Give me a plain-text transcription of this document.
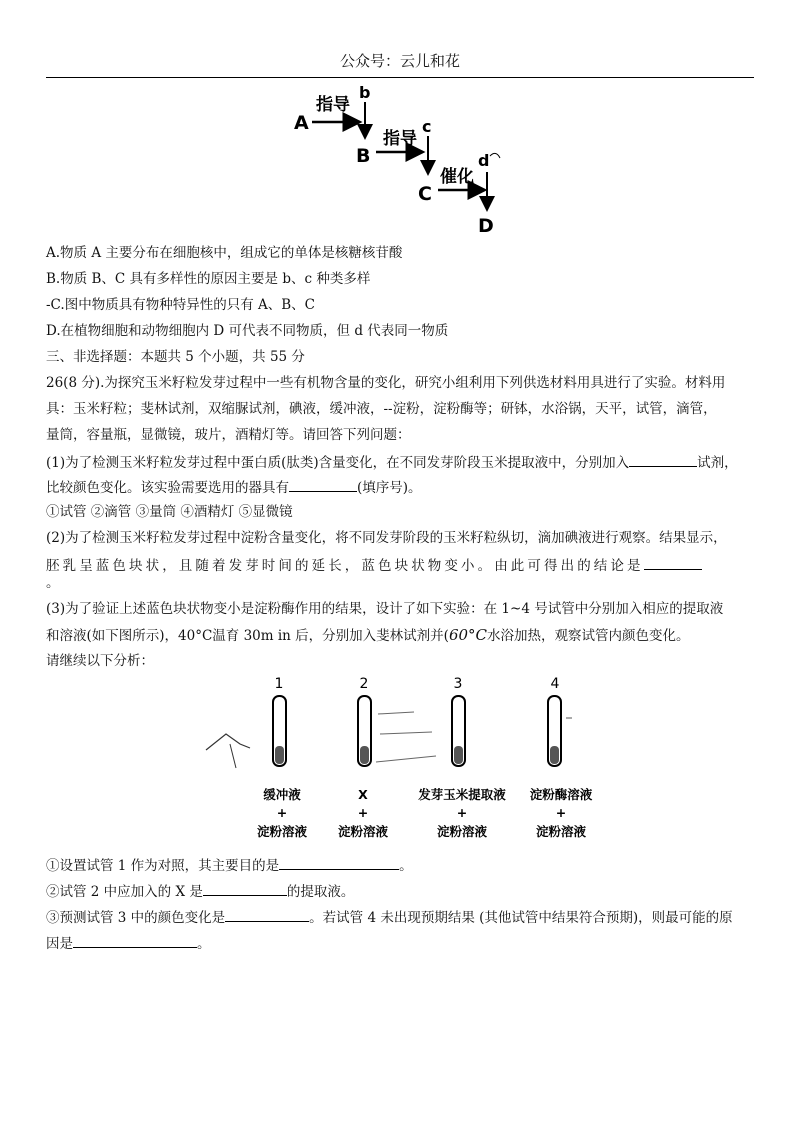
公众号：云儿和花
A
指导
b
B
指导
c
C
催化
d
D
A.物质 A 主要分布在细胞核中，组成它的单体是核糖核苷酸
B.物质 B、C 具有多样性的原因主要是 b、c 种类多样
-C.图中物质具有物种特异性的只有 A、B、C
D.在植物细胞和动物细胞内 D 可代表不同物质，但 d 代表同一物质
三、非选择题：本题共 5 个小题，共 55 分
26(8 分).为探究玉米籽粒发芽过程中一些有机物含量的变化，研究小组利用下列供选材料用具进行了实验。材料用
具：玉米籽粒；斐林试剂，双缩脲试剂，碘液，缓冲液，--淀粉，淀粉酶等；研钵，水浴锅，天平，试管，滴管，
量筒，容量瓶，显微镜，玻片，酒精灯等。请回答下列问题：
(1)为了检测玉米籽粒发芽过程中蛋白质(肽类)含量变化，在不同发芽阶段玉米提取液中，分别加入	试剂，
比较颜色变化。该实验需要选用的器具有	(填序号)。
①试管 ②滴管 ③量筒 ④酒精灯 ⑤显微镜
(2)为了检测玉米籽粒发芽过程中淀粉含量变化，将不同发芽阶段的玉米籽粒纵切，滴加碘液进行观察。结果显示，
胚乳呈蓝色块状，且随着发芽时间的延长，蓝色块状物变小。由此可得出的结论是
。
(3)为了验证上述蓝色块状物变小是淀粉酶作用的结果，设计了如下实验：在 1~4 号试管中分别加入相应的提取液
和溶液(如下图所示)，40°C温育 30m in 后，分别加入斐林试剂并(60°C水浴加热，观察试管内颜色变化。
请继续以下分析：
1	2	3	4
缓冲液
+
淀粉溶液
X
+
淀粉溶液
发芽玉米提取液
+
淀粉溶液
淀粉酶溶液
+
淀粉溶液
①设置试管 1 作为对照，其主要目的是	。
②试管 2 中应加入的 X 是	的提取液。
③预测试管 3 中的颜色变化是	。若试管 4 未出现预期结果 (其他试管中结果符合预期)，则最可能的原
因是	。
